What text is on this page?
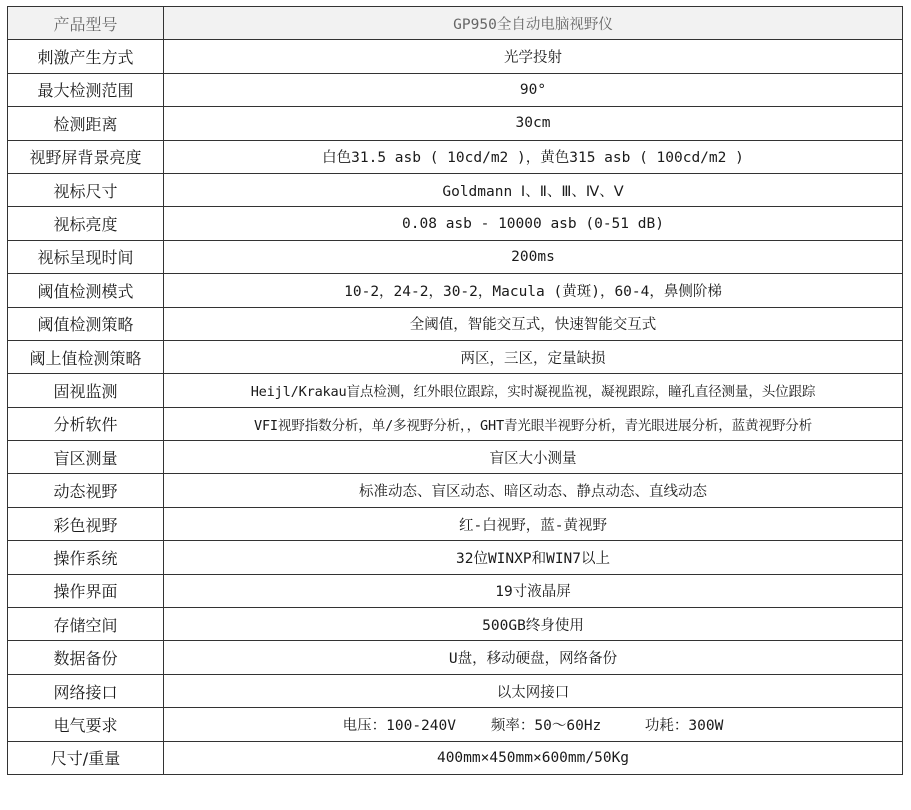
产品型号	GP950全自动电脑视野仪
刺激产生方式	光学投射
最大检测范围	90°
检测距离	30cm
视野屏背景亮度	白色31.5 asb ( 10cd/m2 )，黄色315 asb ( 100cd/m2 )
视标尺寸	Goldmann Ⅰ、Ⅱ、Ⅲ、Ⅳ、Ⅴ
视标亮度	0.08 asb - 10000 asb (0-51 dB)
视标呈现时间	200ms
阈值检测模式	10-2，24-2，30-2，Macula (黄斑)，60-4，鼻侧阶梯
阈值检测策略	全阈值，智能交互式，快速智能交互式
阈上值检测策略	两区，三区，定量缺损
固视监测	Heijl/Krakau盲点检测，红外眼位跟踪，实时凝视监视，凝视跟踪，瞳孔直径测量，头位跟踪
分析软件	VFI视野指数分析，单/多视野分析，，GHT青光眼半视野分析，青光眼进展分析，蓝黄视野分析
盲区测量	盲区大小测量
动态视野	标准动态、盲区动态、暗区动态、静点动态、直线动态
彩色视野	红-白视野，蓝-黄视野
操作系统	32位WINXP和WIN7以上
操作界面	19寸液晶屏
存储空间	500GB终身使用
数据备份	U盘，移动硬盘，网络备份
网络接口	以太网接口
电气要求	电压：100-240V    频率：50～60Hz     功耗：300W
尺寸/重量	400mm×450mm×600mm/50Kg
